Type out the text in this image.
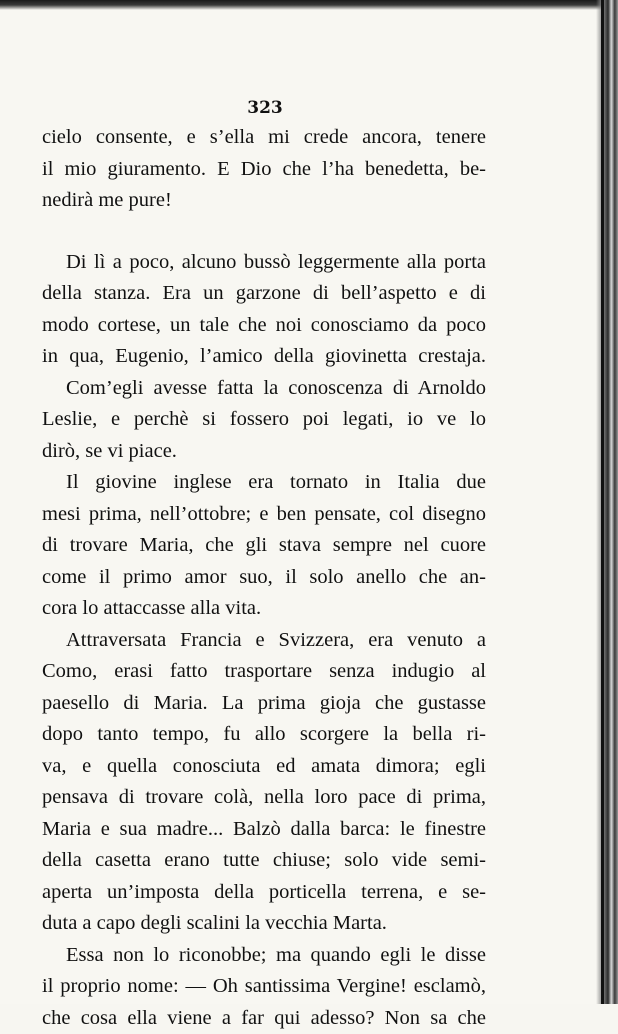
323
cielo consente, e s’ella mi crede ancora, tenere
il mio giuramento. E Dio che l’ha benedetta, be-
nedirà me pure!
Di lì a poco, alcuno bussò leggermente alla porta
della stanza. Era un garzone di bell’aspetto e di
modo cortese, un tale che noi conosciamo da poco
in qua, Eugenio, l’amico della giovinetta crestaja.
Com’egli avesse fatta la conoscenza di Arnoldo
Leslie, e perchè si fossero poi legati, io ve lo
dirò, se vi piace.
Il giovine inglese era tornato in Italia due
mesi prima, nell’ottobre; e ben pensate, col disegno
di trovare Maria, che gli stava sempre nel cuore
come il primo amor suo, il solo anello che an-
cora lo attaccasse alla vita.
Attraversata Francia e Svizzera, era venuto a
Como, erasi fatto trasportare senza indugio al
paesello di Maria. La prima gioja che gustasse
dopo tanto tempo, fu allo scorgere la bella ri-
va, e quella conosciuta ed amata dimora; egli
pensava di trovare colà, nella loro pace di prima,
Maria e sua madre... Balzò dalla barca: le finestre
della casetta erano tutte chiuse; solo vide semi-
aperta un’imposta della porticella terrena, e se-
duta a capo degli scalini la vecchia Marta.
Essa non lo riconobbe; ma quando egli le disse
il proprio nome: — Oh santissima Vergine! esclamò,
che cosa ella viene a far qui adesso? Non sa che
